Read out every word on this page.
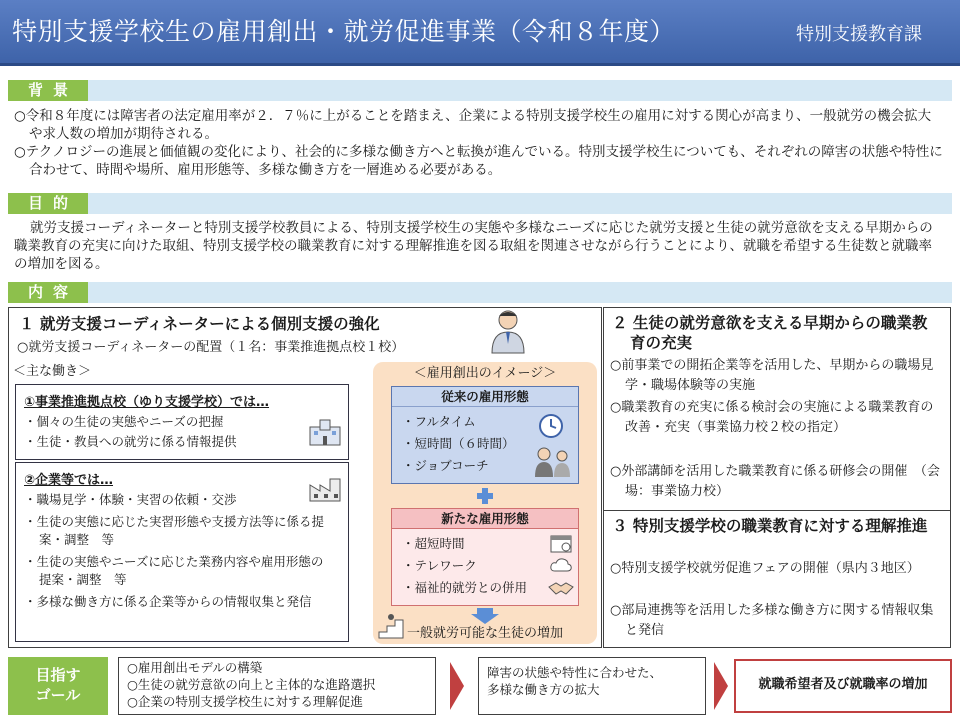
特別支援学校生の雇用創出・就労促進事業（令和８年度）	特別支援教育課
背景

○令和８年度には障害者の法定雇用率が２．７％に上がることを踏まえ、企業による特別支援学校生の雇用に対する関心が高まり、一般就労の機会拡大や求人数の増加が期待される。

○テクノロジーの進展と価値観の変化により、社会的に多様な働き方へと転換が進んでいる。特別支援学校生についても、それぞれの障害の状態や特性に合わせて、時間や場所、雇用形態等、多様な働き方を一層進める必要がある。

目的
就労支援コーディネーターと特別支援学校教員による、特別支援学校生の実態や多様なニーズに応じた就労支援と生徒の就労意欲を支える早期からの職業教育の充実に向けた取組、特別支援学校の職業教育に対する理解推進を図る取組を関連させながら行うことにより、就職を希望する生徒数と就職率の増加を図る。
内容
１ 就労支援コーディネーターによる個別支援の強化
○就労支援コーディネーターの配置（１名：事業推進拠点校１校）
＜主な働き＞
①事業推進拠点校（ゆり支援学校）では…
・個々の生徒の実態やニーズの把握
・生徒・教員への就労に係る情報提供
②企業等では…
・職場見学・体験・実習の依頼・交渉
・生徒の実態に応じた実習形態や支援方法等に係る提案・調整　等
・生徒の実態やニーズに応じた業務内容や雇用形態の提案・調整　等
・多様な働き方に係る企業等からの情報収集と発信
＜雇用創出のイメージ＞
従来の雇用形態
・フルタイム
・短時間（６時間）
・ジョブコーチ
新たな雇用形態
・超短時間
・テレワーク
・福祉的就労との併用
一般就労可能な生徒の増加
２ 生徒の就労意欲を支える早期からの職業教育の充実
○前事業での開拓企業等を活用した、早期からの職場見学・職場体験等の実施
○職業教育の充実に係る検討会の実施による職業教育の改善・充実（事業協力校２校の指定）
○外部講師を活用した職業教育に係る研修会の開催　（会場：事業協力校）
３ 特別支援学校の職業教育に対する理解推進
○特別支援学校就労促進フェアの開催（県内３地区）
○部局連携等を活用した多様な働き方に関する情報収集と発信
目指す
ゴール
○雇用創出モデルの構築
○生徒の就労意欲の向上と主体的な進路選択
○企業の特別支援学校生に対する理解促進
障害の状態や特性に合わせた、
多様な働き方の拡大	就職希望者及び就職率の増加
